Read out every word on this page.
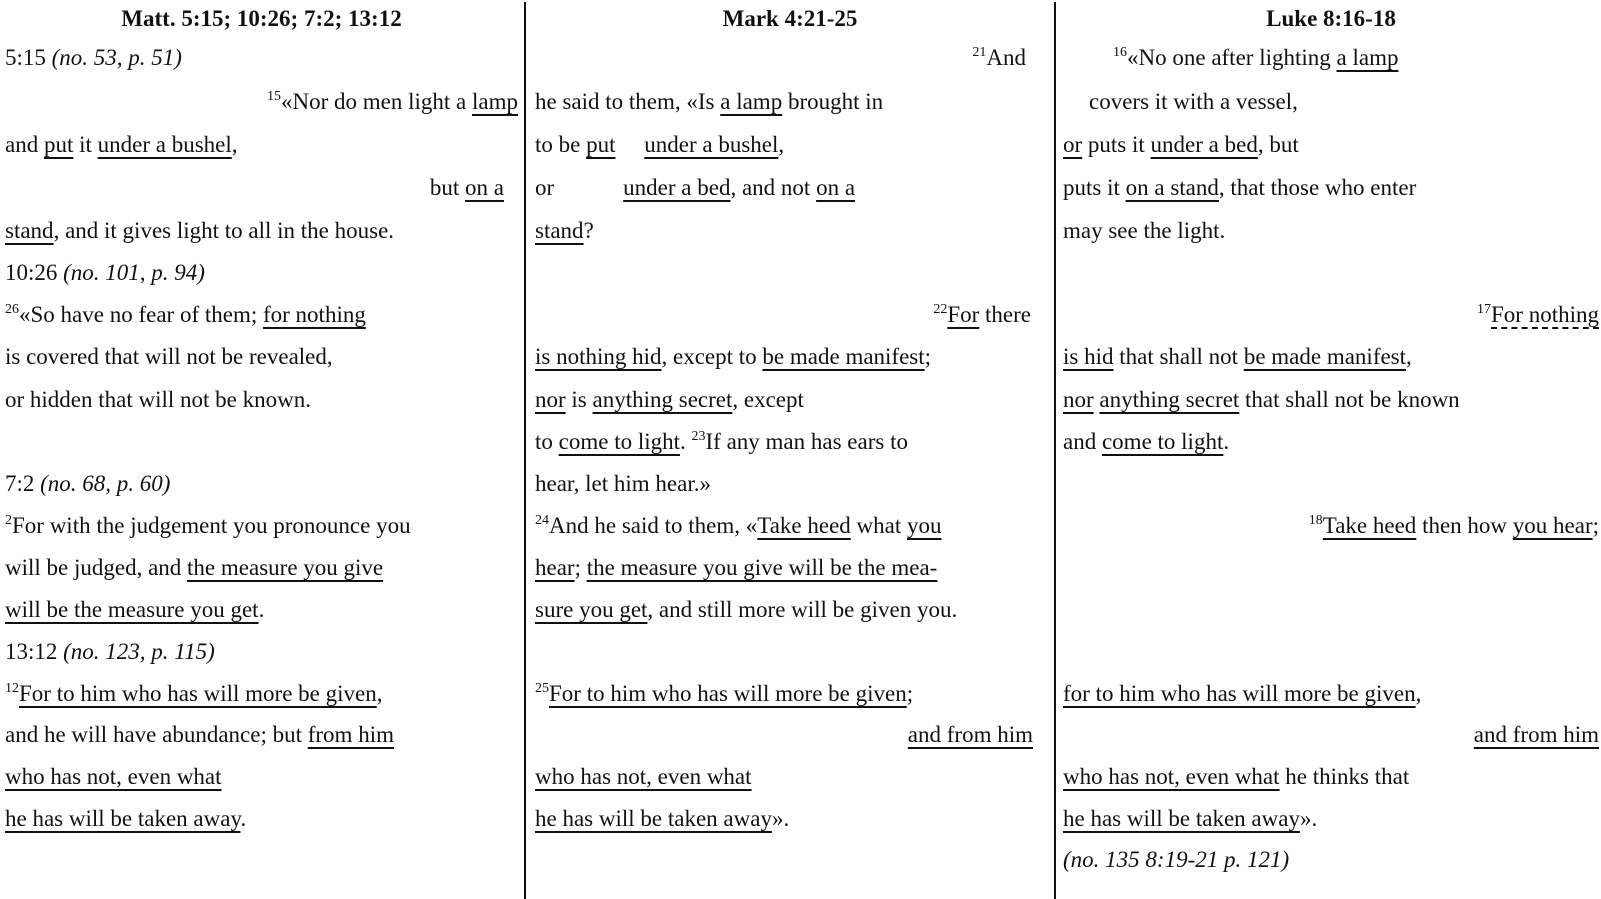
Matt. 5:15; 10:26; 7:2; 13:12
5:15 (no. 53, p. 51)
$^{15}$«Nor do men light a lamp
and put it under a bushel,
but on a
stand, and it gives light to all in the house.
10:26 (no. 101, p. 94)
$^{26}$«So have no fear of them; for nothing
is covered that will not be revealed,
or hidden that will not be known.
7:2 (no. 68, p. 60)
$^2$For with the judgement you pronounce you
will be judged, and the measure you give
will be the measure you get.
13:12 (no. 123, p. 115)
$^{12}$For to him who has will more be given,
and he will have abundance; but from him
who has not, even what
he has will be taken away.
Mark 4:21-25
$^{21}$And
he said to them, «Is a lamp brought in
to be put under a bushel,
or            under a bed, and not on a
stand?
$^{22}$For there
is nothing hid, except to be made manifest;
nor is anything secret, except
to come to light. $^{23}$If any man has ears to
hear, let him hear.»
$^{24}$And he said to them, «Take heed what you
hear; the measure you give will be the mea-
sure you get, and still more will be given you.
$^{25}$For to him who has will more be given;
and from him
who has not, even what
he has will be taken away».
Luke 8:16-18
$^{16}$«No one after lighting a lamp
covers it with a vessel,
or puts it under a bed, but
puts it on a stand, that those who enter
may see the light.
$^{17}$For nothing
is hid that shall not be made manifest,
nor anything secret that shall not be known
and come to light.
$^{18}$Take heed then how you hear;
for to him who has will more be given,
and from him
who has not, even what he thinks that
he has will be taken away».
(no. 135 8:19-21 p. 121)
